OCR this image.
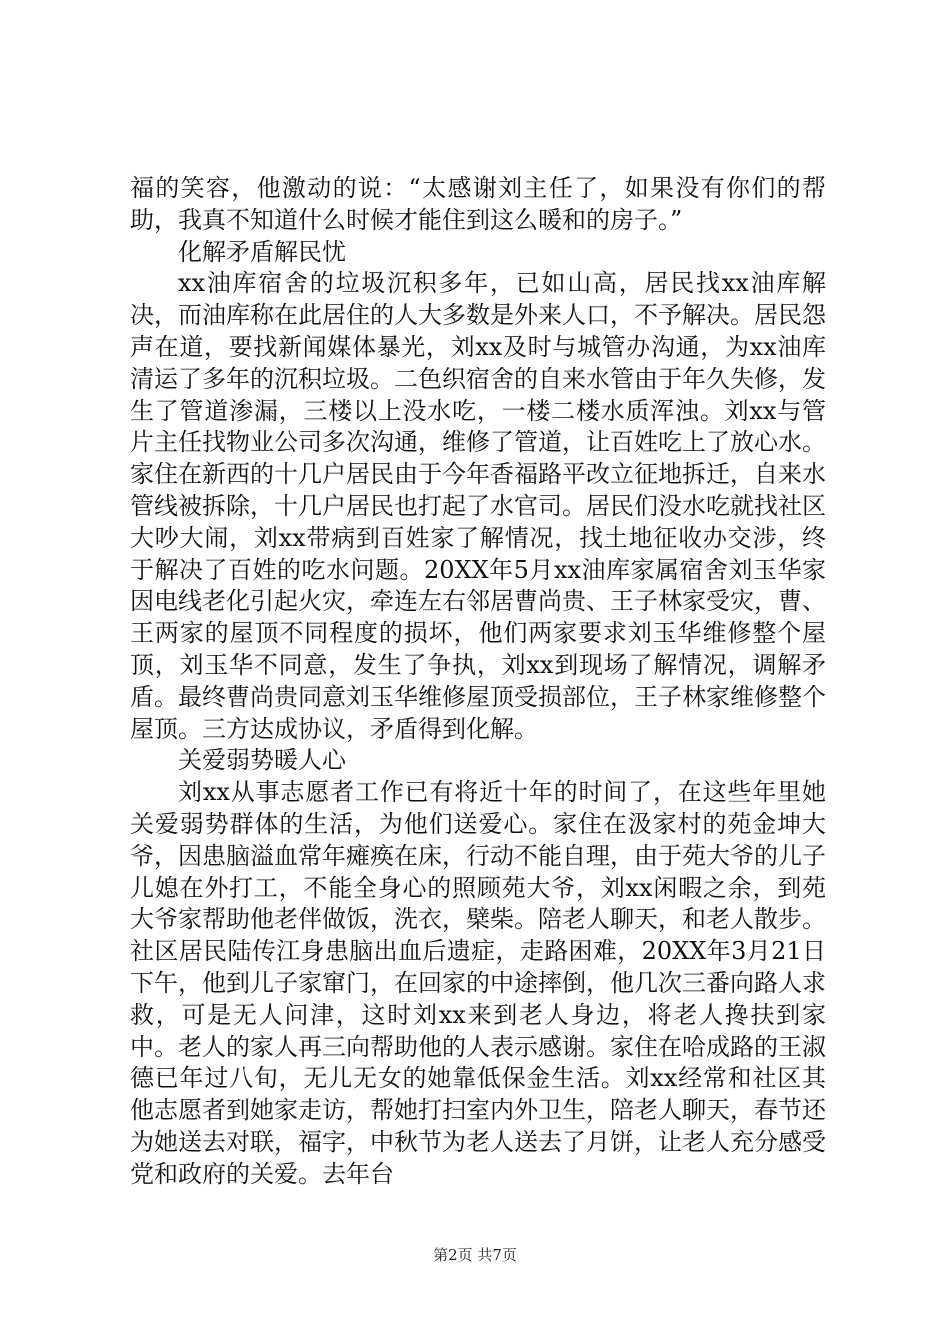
福的笑容，他激动的说：“太感谢刘主任了，如果没有你们的帮助，我真不知道什么时候才能住到这么暖和的房子。”

化解矛盾解民忧

xx油库宿舍的垃圾沉积多年，已如山高，居民找xx油库解决，而油库称在此居住的人大多数是外来人口，不予解决。居民怨声在道，要找新闻媒体暴光，刘xx及时与城管办沟通，为xx油库清运了多年的沉积垃圾。二色织宿舍的自来水管由于年久失修，发生了管道渗漏，三楼以上没水吃，一楼二楼水质浑浊。刘xx与管片主任找物业公司多次沟通，维修了管道，让百姓吃上了放心水。家住在新西的十几户居民由于今年香福路平改立征地拆迁，自来水管线被拆除，十几户居民也打起了水官司。居民们没水吃就找社区大吵大闹，刘xx带病到百姓家了解情况，找土地征收办交涉，终于解决了百姓的吃水问题。20XX年5月xx油库家属宿舍刘玉华家因电线老化引起火灾，牵连左右邻居曹尚贵、王子林家受灾，曹、王两家的屋顶不同程度的损坏，他们两家要求刘玉华维修整个屋顶，刘玉华不同意，发生了争执，刘xx到现场了解情况，调解矛盾。最终曹尚贵同意刘玉华维修屋顶受损部位，王子林家维修整个屋顶。三方达成协议，矛盾得到化解。

关爱弱势暖人心

刘xx从事志愿者工作已有将近十年的时间了，在这些年里她关爱弱势群体的生活，为他们送爱心。家住在汲家村的苑金坤大爷，因患脑溢血常年瘫痪在床，行动不能自理，由于苑大爷的儿子儿媳在外打工，不能全身心的照顾苑大爷，刘xx闲暇之余，到苑大爷家帮助他老伴做饭，洗衣，檗柴。陪老人聊天，和老人散步。社区居民陆传江身患脑出血后遗症，走路困难，20XX年3月21日下午，他到儿子家窜门，在回家的中途摔倒，他几次三番向路人求救，可是无人问津，这时刘xx来到老人身边，将老人搀扶到家中。老人的家人再三向帮助他的人表示感谢。家住在哈成路的王淑德已年过八旬，无儿无女的她靠低保金生活。刘xx经常和社区其他志愿者到她家走访，帮她打扫室内外卫生，陪老人聊天，春节还为她送去对联，福字，中秋节为老人送去了月饼，让老人充分感受党和政府的关爱。去年台

第2页 共7页
